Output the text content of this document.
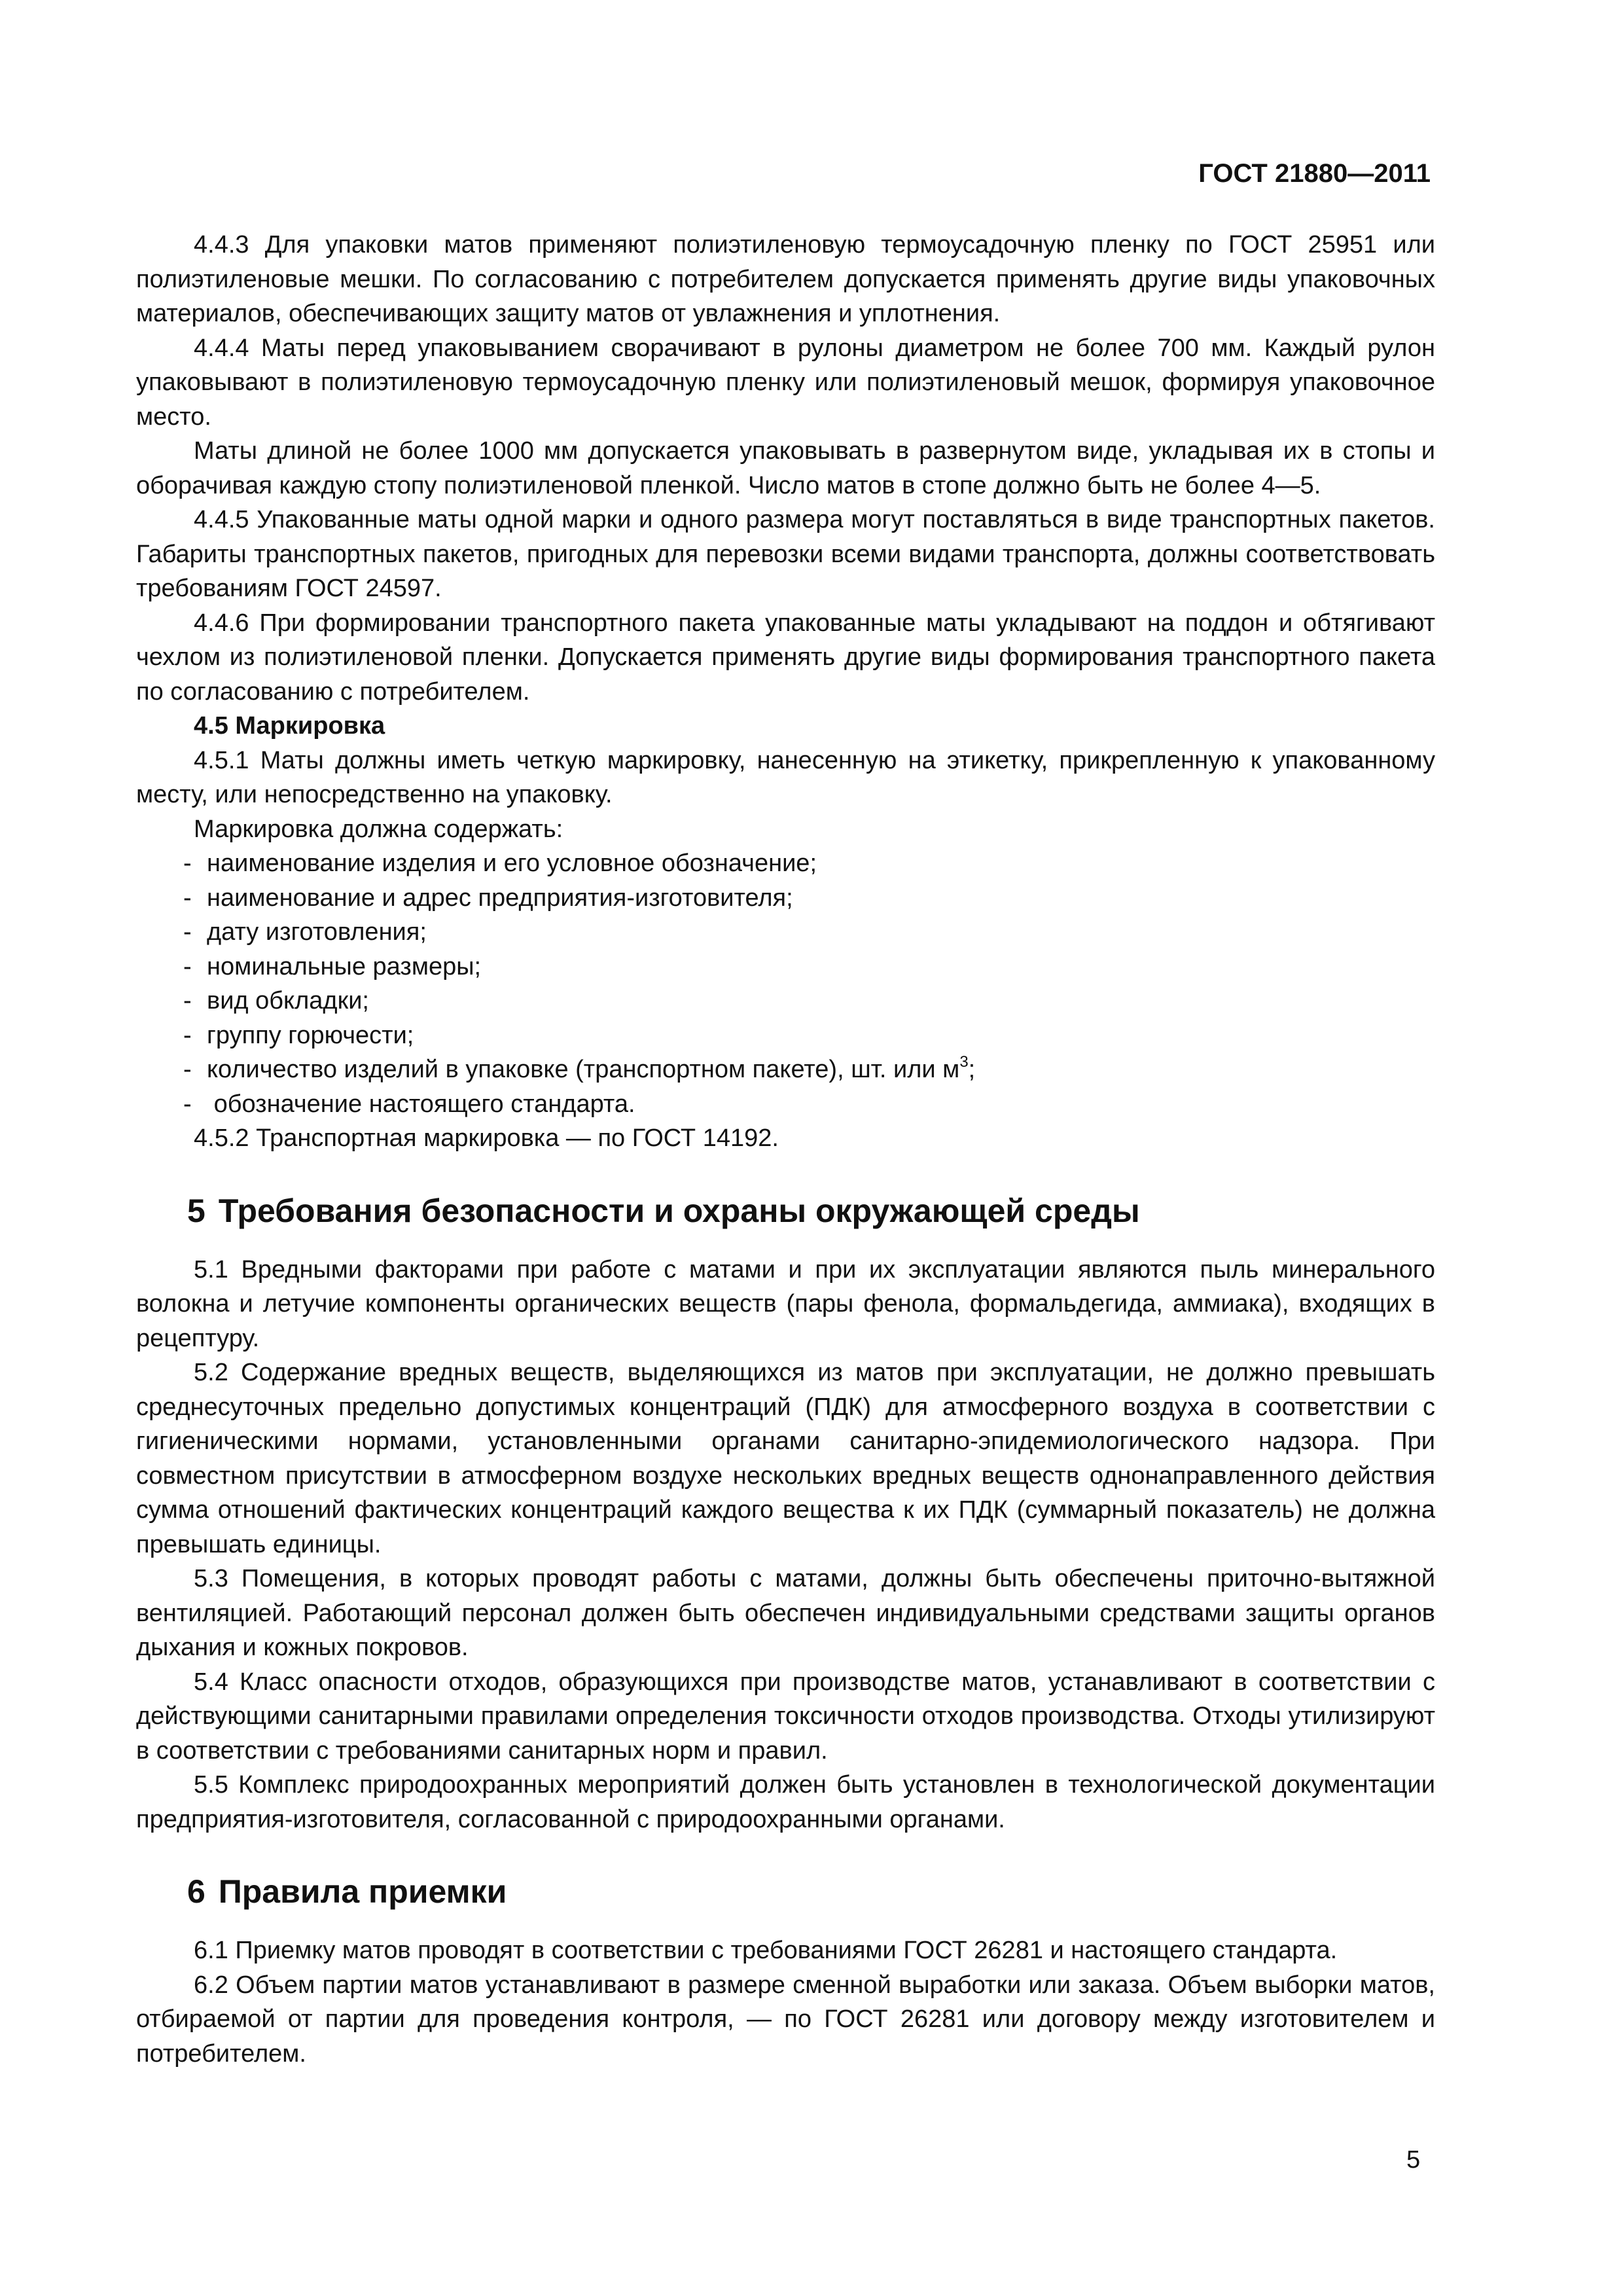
ГОСТ 21880—2011

4.4.3 Для упаковки матов применяют полиэтиленовую термоусадочную пленку по ГОСТ 25951 или полиэтиленовые мешки. По согласованию с потребителем допускается применять другие виды упаковочных материалов, обеспечивающих защиту матов от увлажнения и уплотнения.

4.4.4 Маты перед упаковыванием сворачивают в рулоны диаметром не более 700 мм. Каждый рулон упаковывают в полиэтиленовую термоусадочную пленку или полиэтиленовый мешок, формируя упаковочное место.

Маты длиной не более 1000 мм допускается упаковывать в развернутом виде, укладывая их в стопы и оборачивая каждую стопу полиэтиленовой пленкой. Число матов в стопе должно быть не более 4—5.

4.4.5 Упакованные маты одной марки и одного размера могут поставляться в виде транспортных пакетов. Габариты транспортных пакетов, пригодных для перевозки всеми видами транспорта, должны соответствовать требованиям ГОСТ 24597.

4.4.6 При формировании транспортного пакета упакованные маты укладывают на поддон и обтягивают чехлом из полиэтиленовой пленки. Допускается применять другие виды формирования транспортного пакета по согласованию с потребителем.

4.5 Маркировка

4.5.1 Маты должны иметь четкую маркировку, нанесенную на этикетку, прикрепленную к упакованному месту, или непосредственно на упаковку.

Маркировка должна содержать:

- наименование изделия и его условное обозначение;
- наименование и адрес предприятия-изготовителя;
- дату изготовления;
- номинальные размеры;
- вид обкладки;
- группу горючести;
- количество изделий в упаковке (транспортном пакете), шт. или $м^3$;
- обозначение настоящего стандарта.

4.5.2 Транспортная маркировка — по ГОСТ 14192.

5 Требования безопасности и охраны окружающей среды

5.1 Вредными факторами при работе с матами и при их эксплуатации являются пыль минерального волокна и летучие компоненты органических веществ (пары фенола, формальдегида, аммиака), входящих в рецептуру.

5.2 Содержание вредных веществ, выделяющихся из матов при эксплуатации, не должно превышать среднесуточных предельно допустимых концентраций (ПДК) для атмосферного воздуха в соответствии с гигиеническими нормами, установленными органами санитарно-эпидемиологического надзора. При совместном присутствии в атмосферном воздухе нескольких вредных веществ однонаправленного действия сумма отношений фактических концентраций каждого вещества к их ПДК (суммарный показатель) не должна превышать единицы.

5.3 Помещения, в которых проводят работы с матами, должны быть обеспечены приточно-вытяжной вентиляцией. Работающий персонал должен быть обеспечен индивидуальными средствами защиты органов дыхания и кожных покровов.

5.4 Класс опасности отходов, образующихся при производстве матов, устанавливают в соответствии с действующими санитарными правилами определения токсичности отходов производства. Отходы утилизируют в соответствии с требованиями санитарных норм и правил.

5.5 Комплекс природоохранных мероприятий должен быть установлен в технологической документации предприятия-изготовителя, согласованной с природоохранными органами.

6 Правила приемки

6.1 Приемку матов проводят в соответствии с требованиями ГОСТ 26281 и настоящего стандарта.

6.2 Объем партии матов устанавливают в размере сменной выработки или заказа. Объем выборки матов, отбираемой от партии для проведения контроля, — по ГОСТ 26281 или договору между изготовителем и потребителем.

5
